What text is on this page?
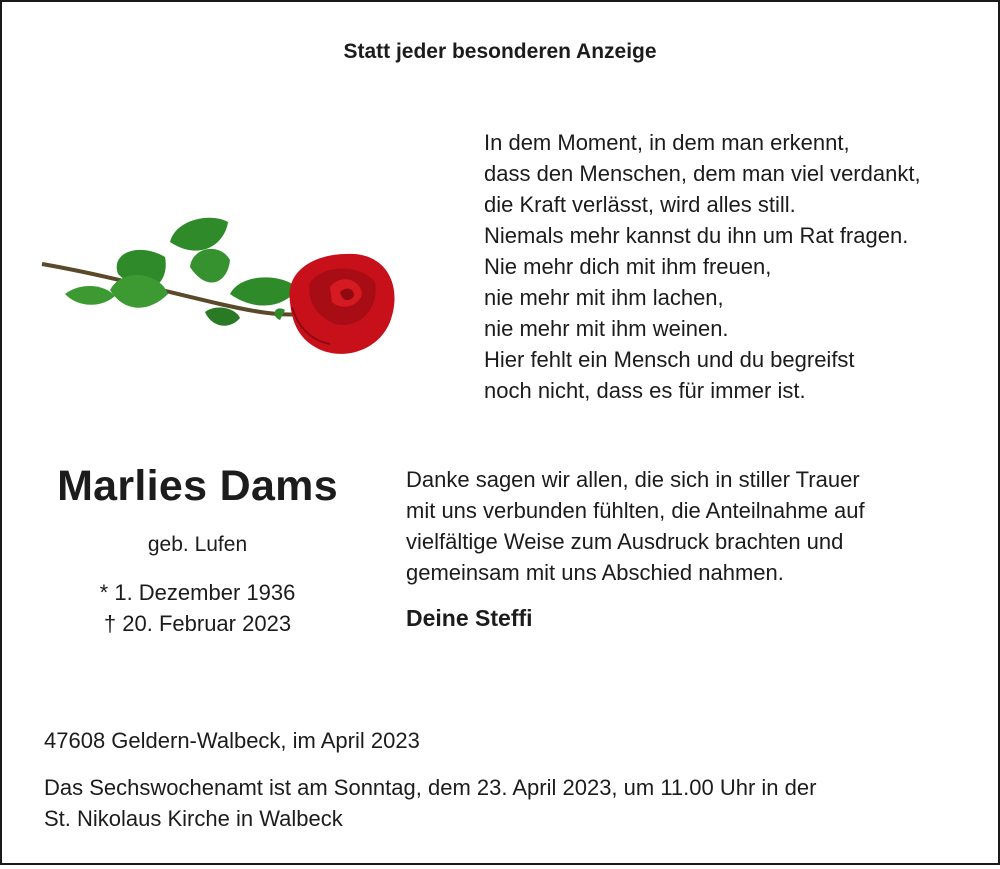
Statt jeder besonderen Anzeige
In dem Moment, in dem man erkennt,
dass den Menschen, dem man viel verdankt,
die Kraft verlässt, wird alles still.
Niemals mehr kannst du ihn um Rat fragen.
Nie mehr dich mit ihm freuen,
nie mehr mit ihm lachen,
nie mehr mit ihm weinen.
Hier fehlt ein Mensch und du begreifst
noch nicht, dass es für immer ist.
Marlies Dams
geb. Lufen
* 1. Dezember 1936
† 20. Februar 2023
Danke sagen wir allen, die sich in stiller Trauer
mit uns verbunden fühlten, die Anteilnahme auf
vielfältige Weise zum Ausdruck brachten und
gemeinsam mit uns Abschied nahmen.
Deine Steffi
47608 Geldern-Walbeck, im April 2023
Das Sechswochenamt ist am Sonntag, dem 23. April 2023, um 11.00 Uhr in der
St. Nikolaus Kirche in Walbeck
